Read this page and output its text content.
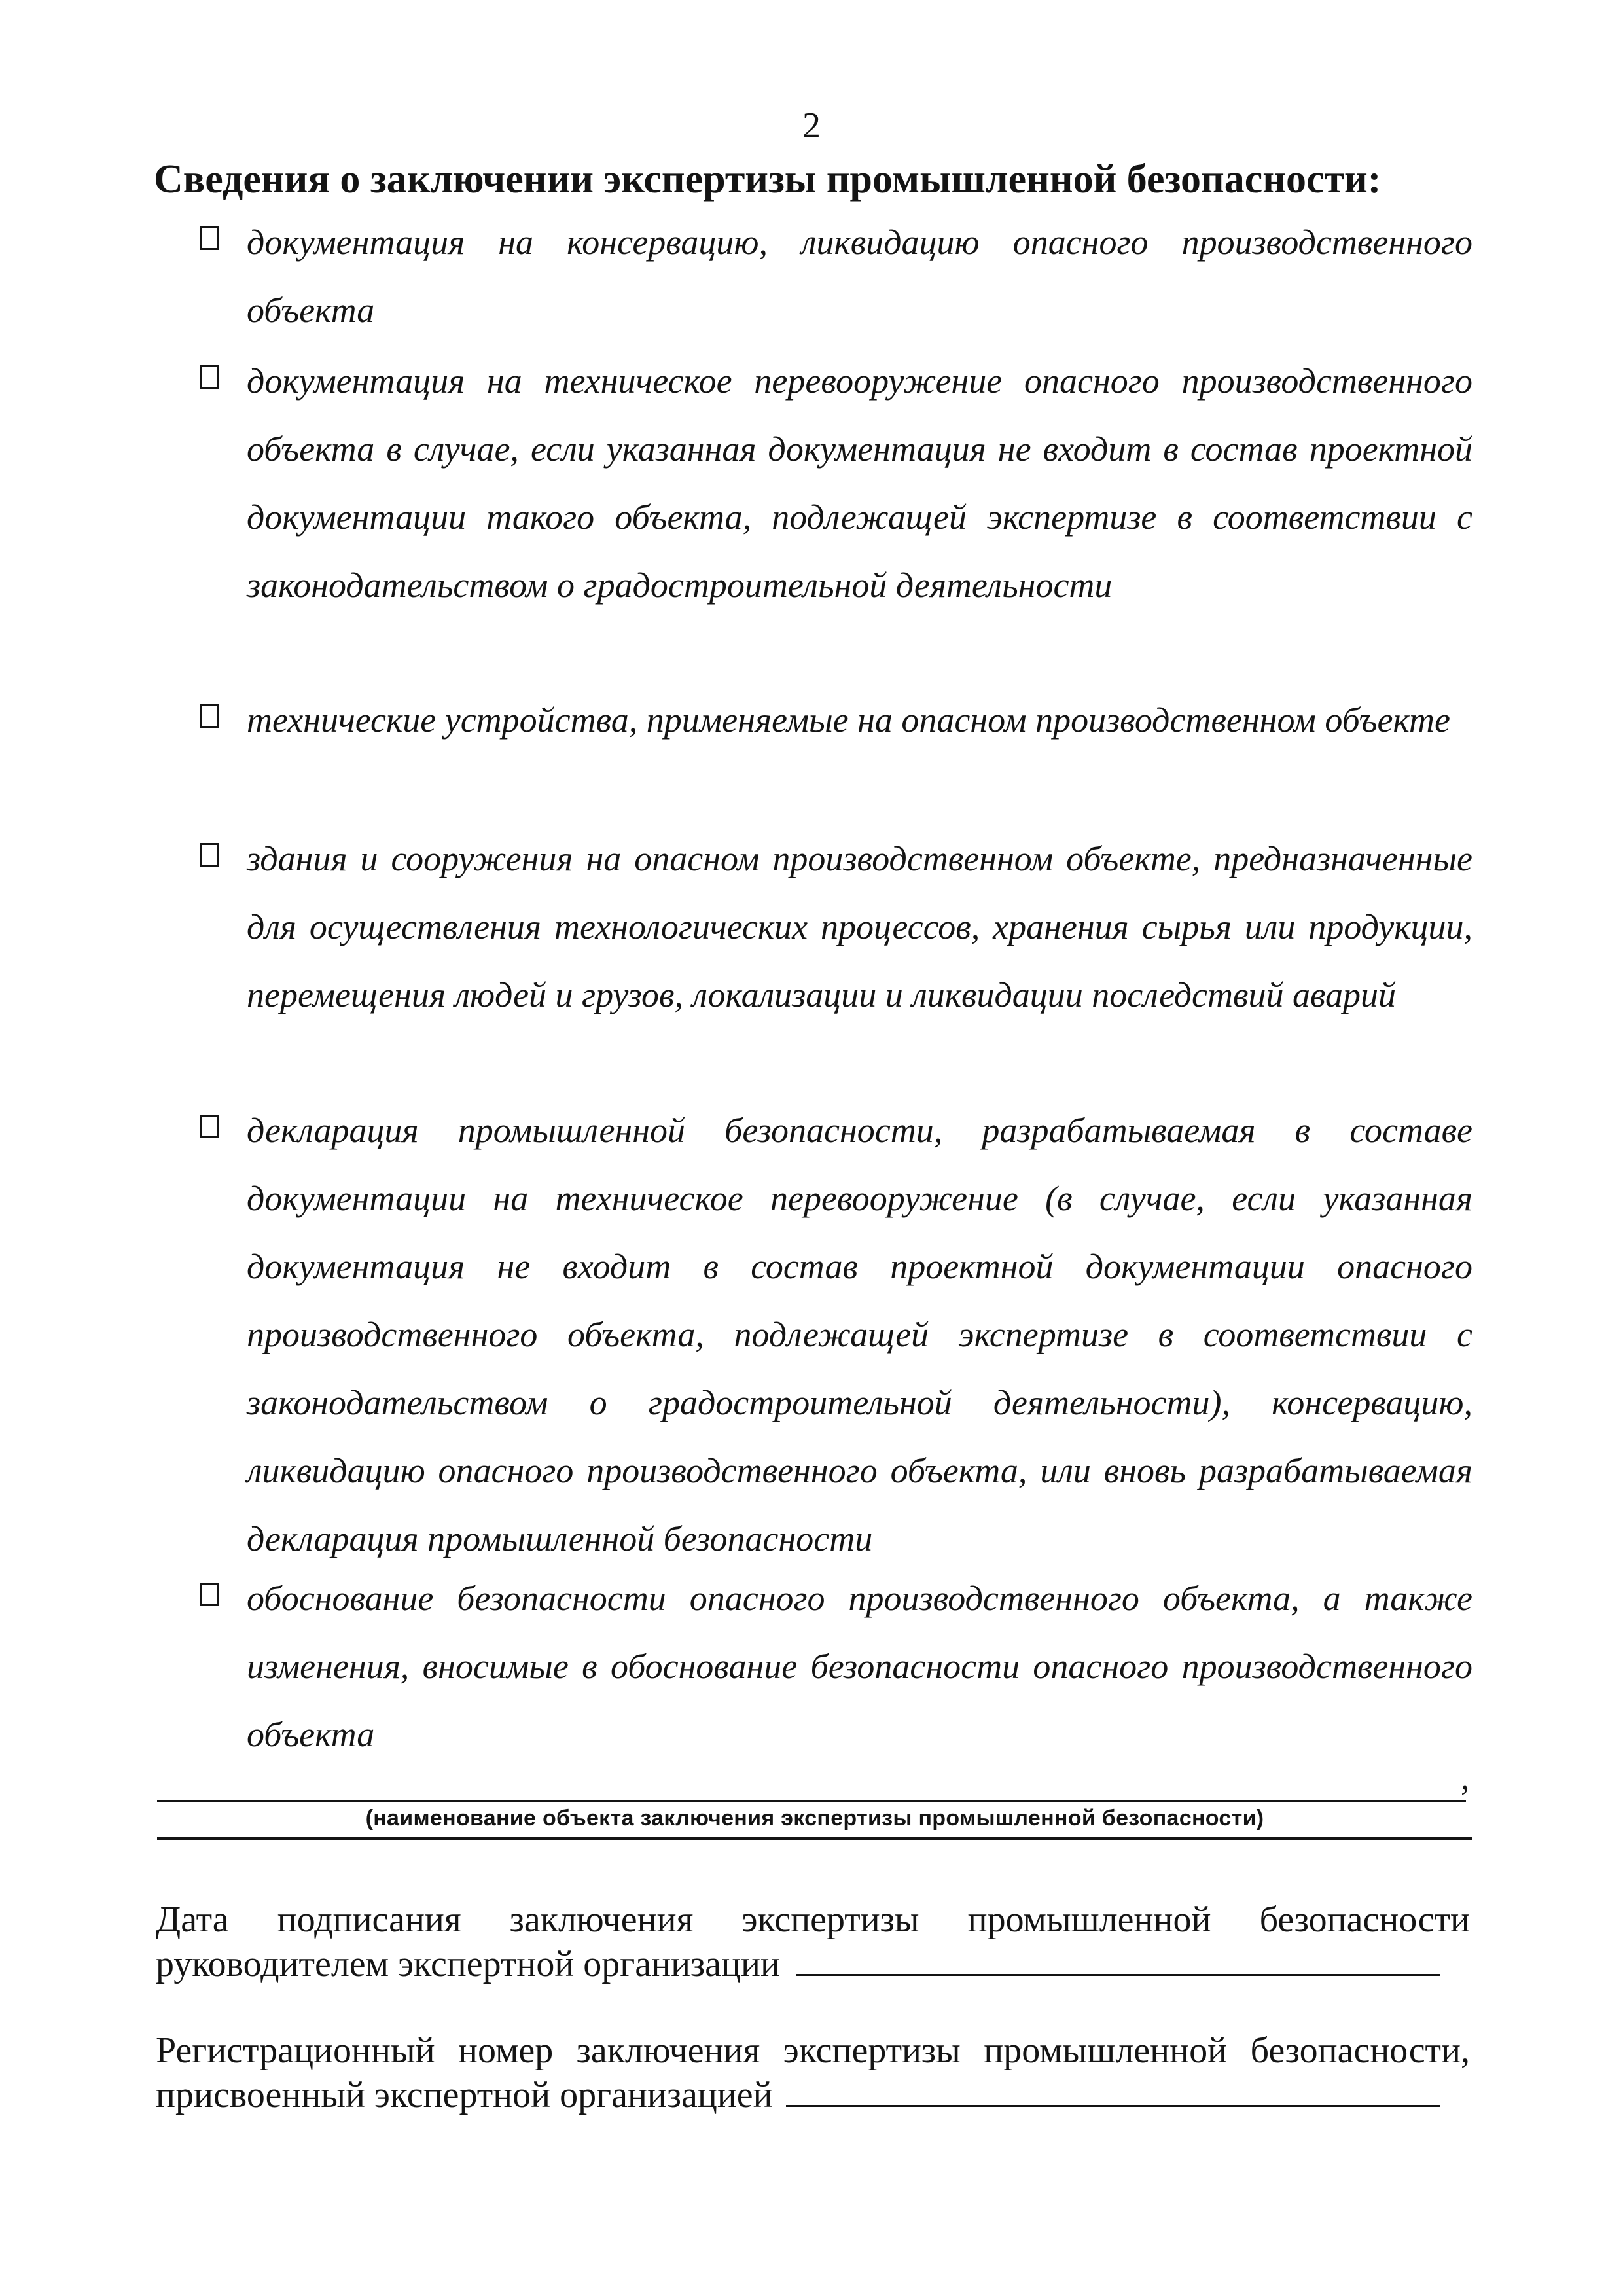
2
Сведения о заключении экспертизы промышленной безопасности:
документация на консервацию, ликвидацию опасного производственного объекта
документация на техническое перевооружение опасного производственного объекта в случае, если указанная документация не входит в состав проектной документации такого объекта, подлежащей экспертизе в соответствии с законодательством о градостроительной деятельности
технические устройства, применяемые на опасном производственном объекте
здания и сооружения на опасном производственном объекте, предназначенные для осуществления технологических процессов, хранения сырья или продукции, перемещения людей и грузов, локализации и ликвидации последствий аварий
декларация промышленной безопасности, разрабатываемая в составе документации на техническое перевооружение (в случае, если указанная документация не входит в состав проектной документации опасного производственного объекта, подлежащей экспертизе в соответствии с законодательством о градостроительной деятельности), консервацию, ликвидацию опасного производственного объекта, или вновь разрабатываемая декларация промышленной безопасности
обоснование безопасности опасного производственного объекта, а также изменения, вносимые в обоснование безопасности опасного производственного объекта
,
(наименование объекта заключения экспертизы промышленной безопасности)
Дата подписания заключения экспертизы промышленной безопасности
руководителем экспертной организации
Регистрационный номер заключения экспертизы промышленной безопасности,
присвоенный экспертной организацией
